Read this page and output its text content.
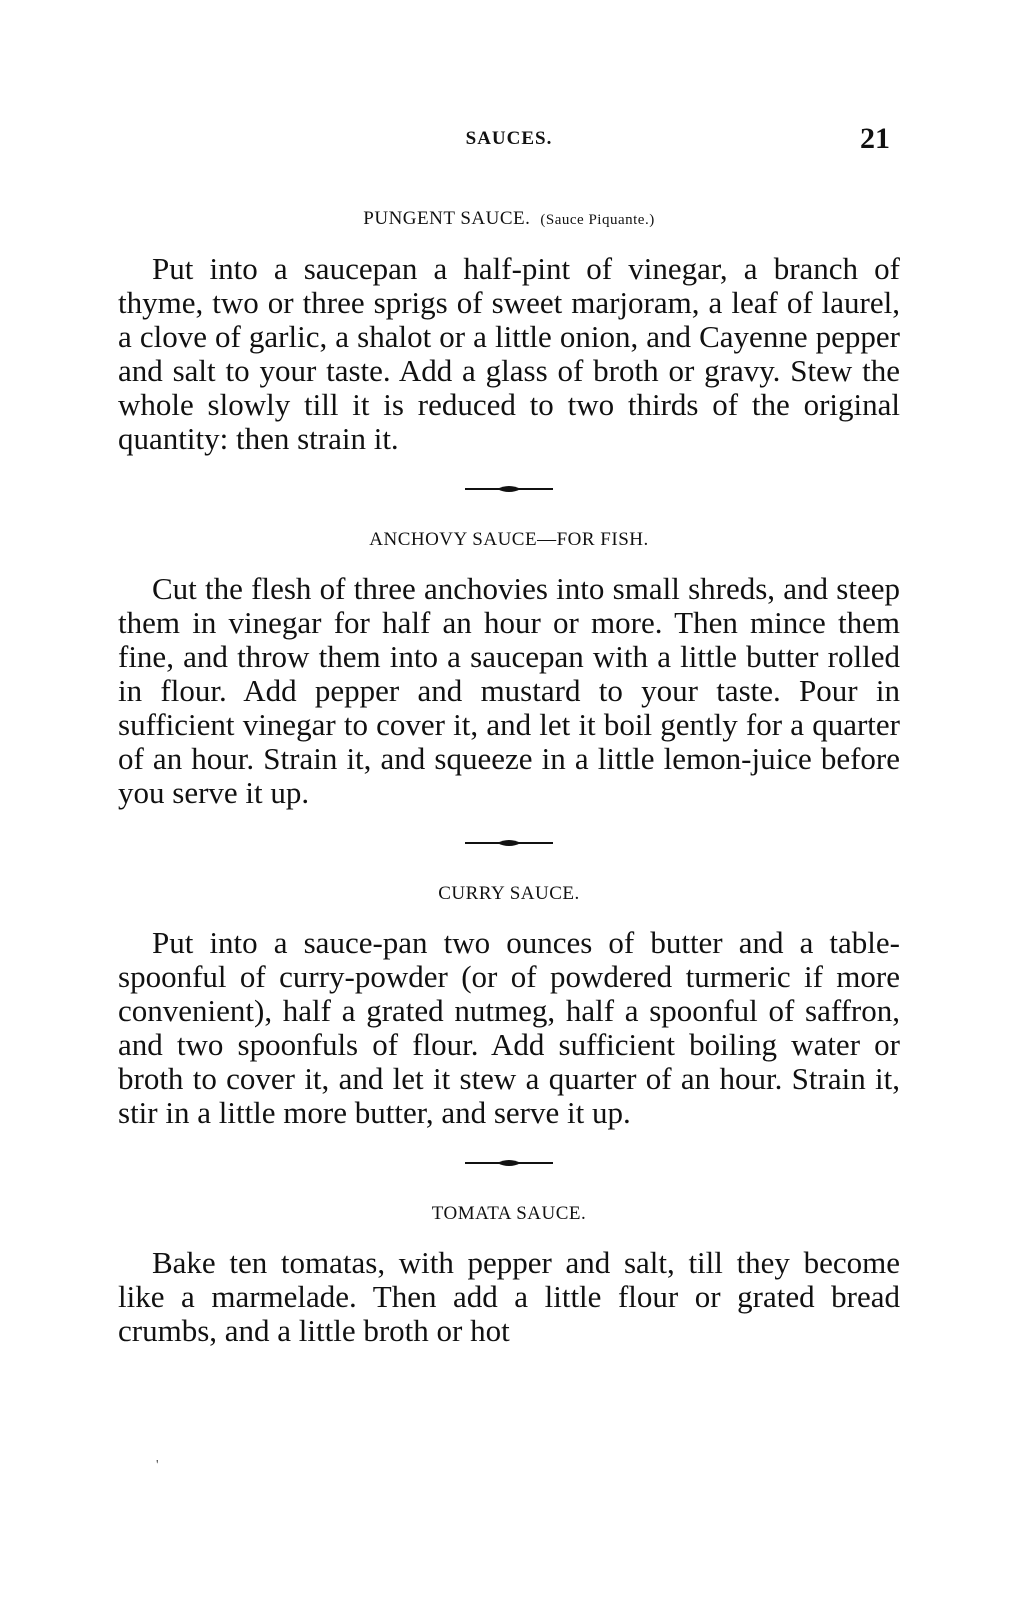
SAUCES.	21
PUNGENT SAUCE. (Sauce Piquante.)

Put into a saucepan a half-pint of vinegar, a branch of thyme, two or three sprigs of sweet marjoram, a leaf of laurel, a clove of garlic, a shalot or a little onion, and Cayenne pepper and salt to your taste. Add a glass of broth or gravy. Stew the whole slowly till it is reduced to two thirds of the original quantity: then strain it.

ANCHOVY SAUCE—FOR FISH.

Cut the flesh of three anchovies into small shreds, and steep them in vinegar for half an hour or more. Then mince them fine, and throw them into a saucepan with a little butter rolled in flour. Add pepper and mustard to your taste. Pour in sufficient vinegar to cover it, and let it boil gently for a quarter of an hour. Strain it, and squeeze in a little lemon-juice before you serve it up.

CURRY SAUCE.

Put into a sauce-pan two ounces of butter and a table-spoonful of curry-powder (or of powdered turmeric if more convenient), half a grated nutmeg, half a spoonful of saffron, and two spoonfuls of flour. Add sufficient boiling water or broth to cover it, and let it stew a quarter of an hour. Strain it, stir in a little more butter, and serve it up.

TOMATA SAUCE.

Bake ten tomatas, with pepper and salt, till they become like a marmelade. Then add a little flour or grated bread crumbs, and a little broth or hot

'
